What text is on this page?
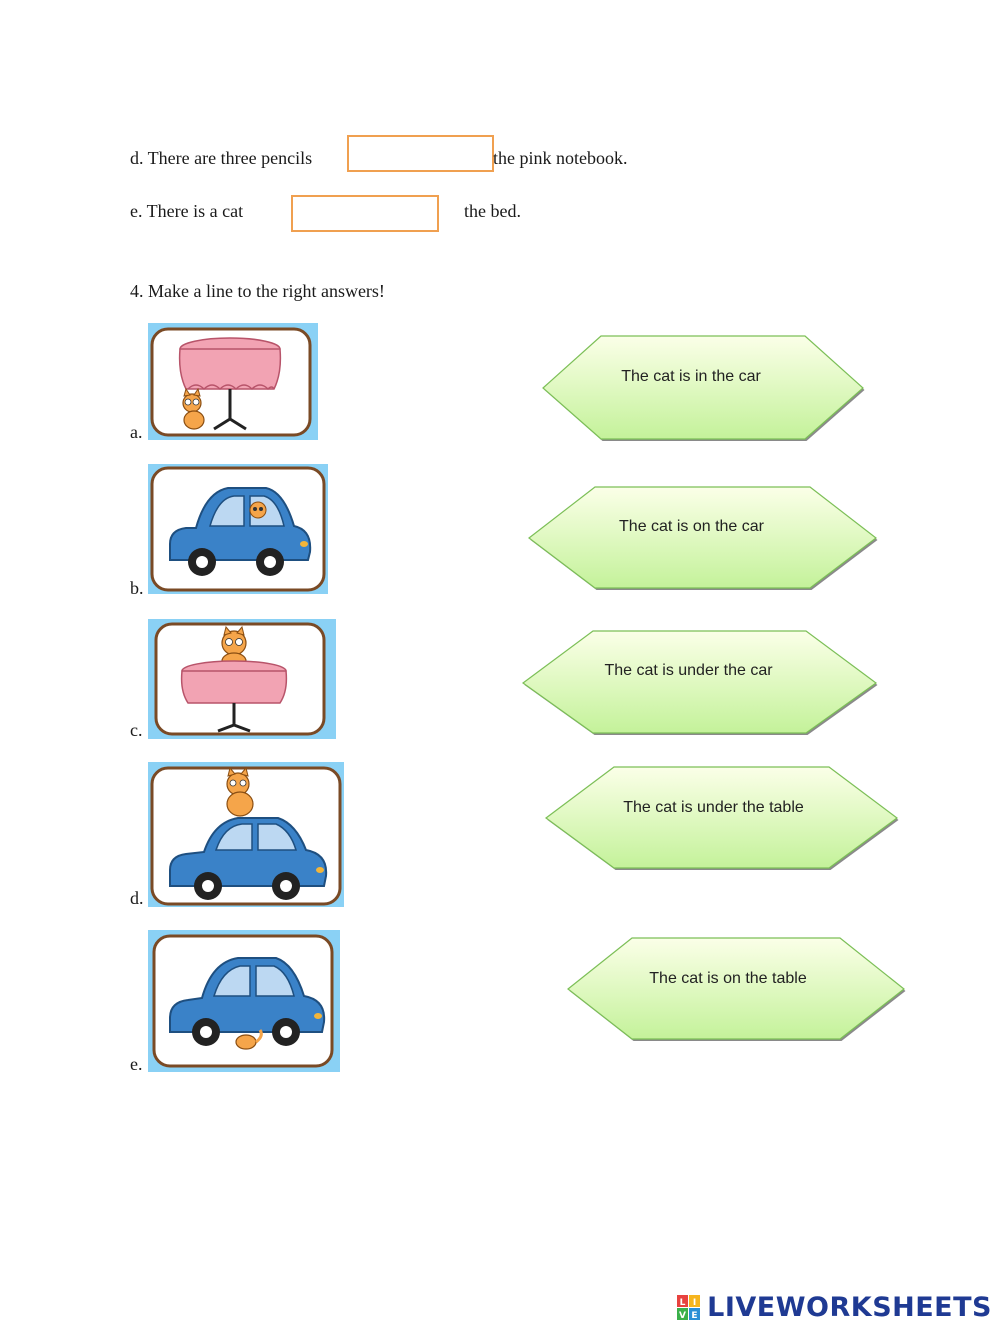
d. There are three pencils	the pink notebook.
e. There is a cat	the bed.
4. Make a line to the right answers!
a.
b.
c.
d.
e.
The cat is in the car
The cat is on the car
The cat is under the car
The cat is under the table
The cat is on the table
L I
V E LIVEWORKSHEETS
